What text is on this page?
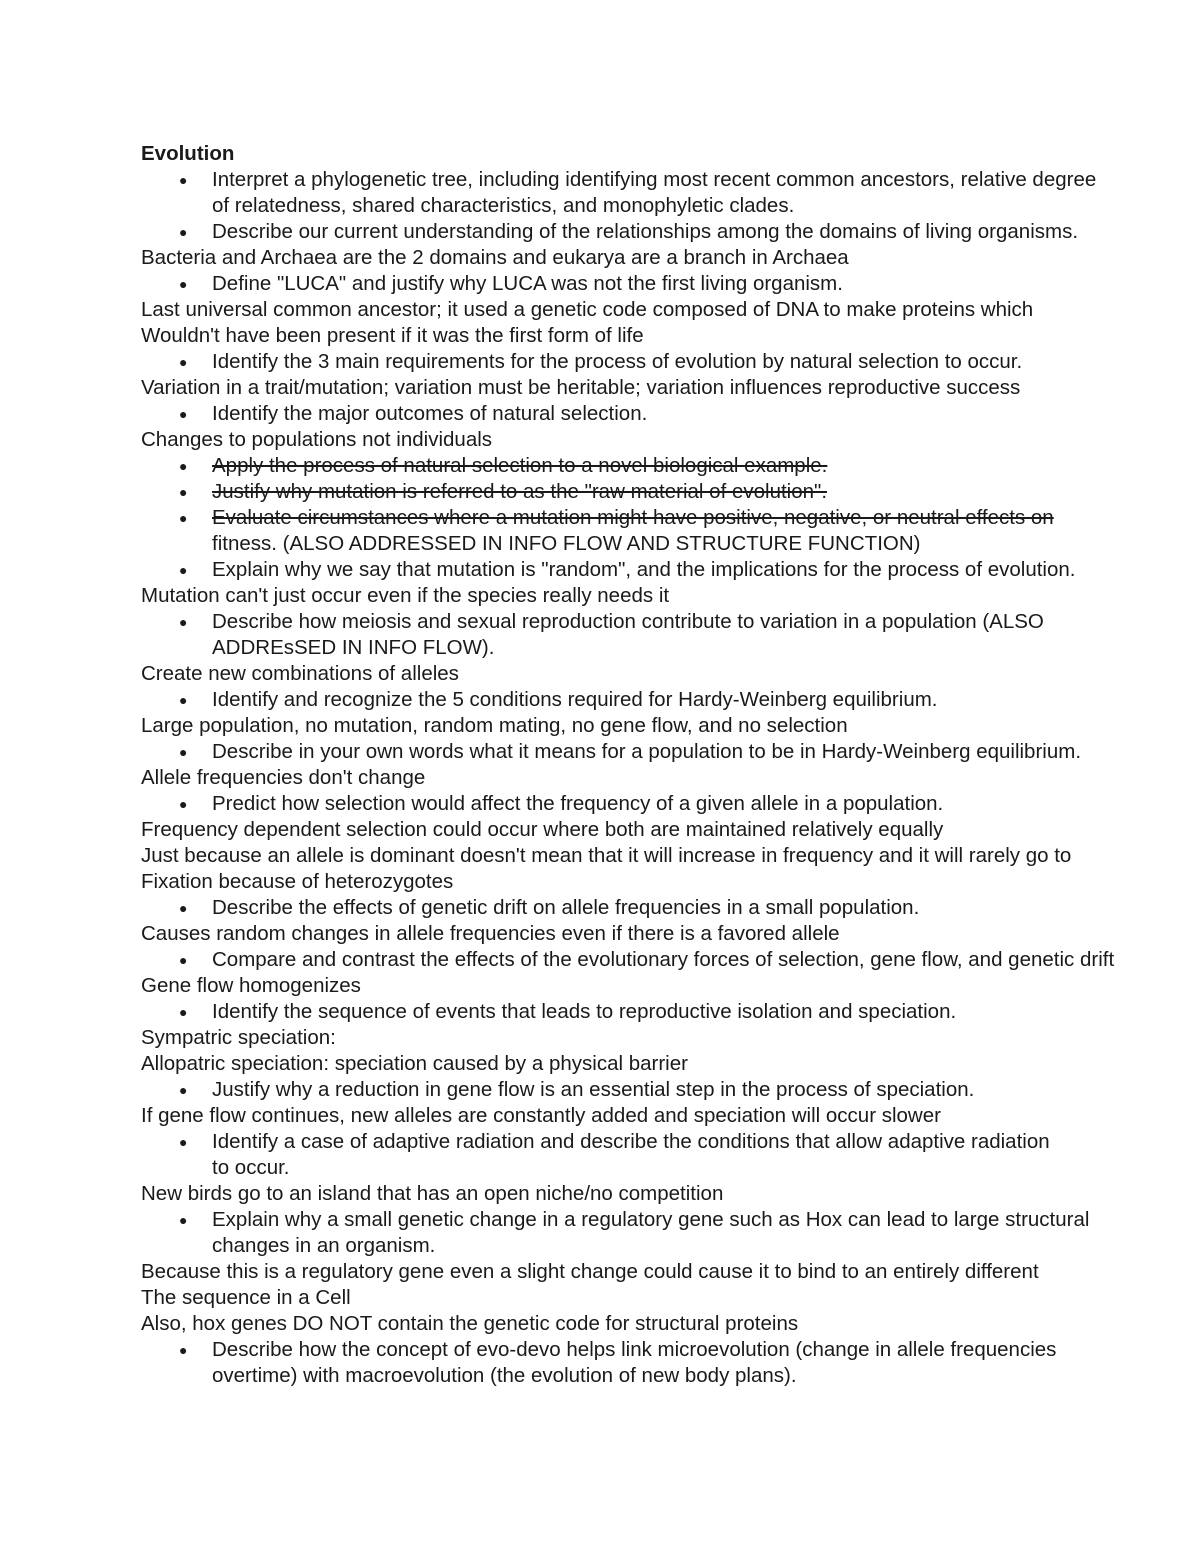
Evolution
●	Interpret a phylogenetic tree, including identifying most recent common ancestors, relative degree
of relatedness, shared characteristics, and monophyletic clades.
●	Describe our current understanding of the relationships among the domains of living organisms.
Bacteria and Archaea are the 2 domains and eukarya are a branch in Archaea
●	Define "LUCA" and justify why LUCA was not the first living organism.
Last universal common ancestor; it used a genetic code composed of DNA to make proteins which
Wouldn't have been present if it was the first form of life
●	Identify the 3 main requirements for the process of evolution by natural selection to occur.
Variation in a trait/mutation; variation must be heritable; variation influences reproductive success
●	Identify the major outcomes of natural selection.
Changes to populations not individuals
●	Apply the process of natural selection to a novel biological example.
●	Justify why mutation is referred to as the "raw material of evolution".
●	Evaluate circumstances where a mutation might have positive, negative, or neutral effects on
fitness. (ALSO ADDRESSED IN INFO FLOW AND STRUCTURE FUNCTION)
●	Explain why we say that mutation is "random", and the implications for the process of evolution.
Mutation can't just occur even if the species really needs it
●	Describe how meiosis and sexual reproduction contribute to variation in a population (ALSO
ADDREsSED IN INFO FLOW).
Create new combinations of alleles
●	Identify and recognize the 5 conditions required for Hardy-Weinberg equilibrium.
Large population, no mutation, random mating, no gene flow, and no selection
●	Describe in your own words what it means for a population to be in Hardy-Weinberg equilibrium.
Allele frequencies don't change
●	Predict how selection would affect the frequency of a given allele in a population.
Frequency dependent selection could occur where both are maintained relatively equally
Just because an allele is dominant doesn't mean that it will increase in frequency and it will rarely go to
Fixation because of heterozygotes
●	Describe the effects of genetic drift on allele frequencies in a small population.
Causes random changes in allele frequencies even if there is a favored allele
●	Compare and contrast the effects of the evolutionary forces of selection, gene flow, and genetic drift
Gene flow homogenizes
●	Identify the sequence of events that leads to reproductive isolation and speciation.
Sympatric speciation:
Allopatric speciation: speciation caused by a physical barrier
●	Justify why a reduction in gene flow is an essential step in the process of speciation.
If gene flow continues, new alleles are constantly added and speciation will occur slower
●	Identify a case of adaptive radiation and describe the conditions that allow adaptive radiation
to occur.
New birds go to an island that has an open niche/no competition
●	Explain why a small genetic change in a regulatory gene such as Hox can lead to large structural
changes in an organism.
Because this is a regulatory gene even a slight change could cause it to bind to an entirely different
The sequence in a Cell
Also, hox genes DO NOT contain the genetic code for structural proteins
●	Describe how the concept of evo-devo helps link microevolution (change in allele frequencies
overtime) with macroevolution (the evolution of new body plans).
